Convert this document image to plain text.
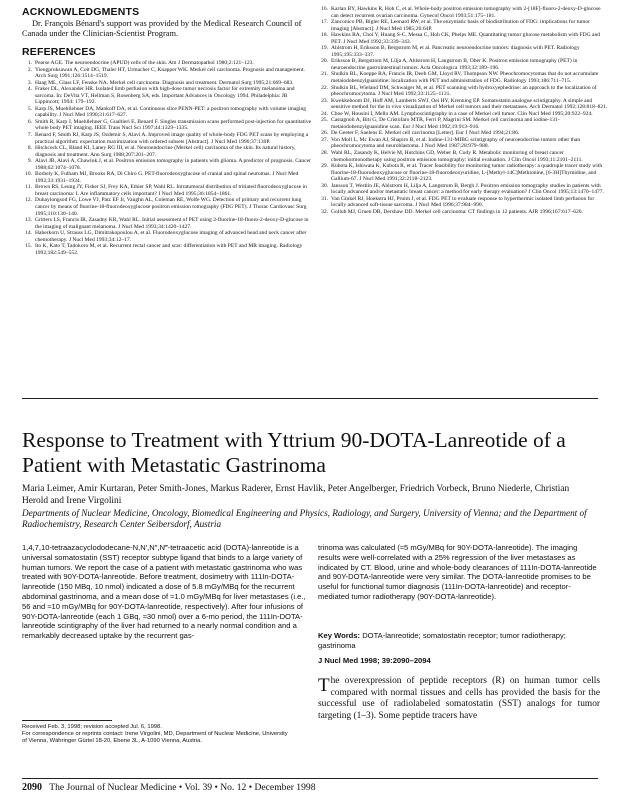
ACKNOWLEDGMENTS

Dr. François Bénard's support was provided by the Medical Research Council of Canada under the Clinician-Scientist Program.

REFERENCES
1. Pearse AGE. The neuroendocrine (APUD) cells of the skin. Am J Dermatopathol 1980;2:121–123.
2. Yiengpruksawan A, Coit DG, Thaler HT, Urmacher C, Knapper WK. Merkel cell carcinoma. Prognosis and management. Arch Surg 1991;126:1514–1519.
3. Haag ML, Glass LF, Fenske NA. Merkel cell carcinoma. Diagnosis and treatment. Dermatol Surg 1995;21:669–683.
4. Fraker DL, Alexander HR. Isolated limb perfusion with high-dose tumor necrosis factor for extremity melanoma and sarcoma. In: DeVita VT, Hellman S, Rosenberg SA, eds. Important Advances in Oncology 1994. Philadelphia: JB Lippincott; 1994: 179–192.
5. Karp JS, Muehllehner DA, Mankoff DA, et al. Continuous slice PENN-PET: a positron tomography with volume imaging capability. J Nucl Med 1990;31:617–627.
6. Smith R, Karp J, Muehllehner G, Gualtieri E, Benard F. Singles transmission scans performed post-injection for quantitative whole body PET imaging. IEEE Trans Nucl Sci 1997;44:1329–1335.
7. Benard F, Smith RJ, Karp JS, Ozdemir S, Alavi A. Improved image quality of whole-body FDG PET scans by employing a practical algorithm: expectation maximization with ordered subsets [Abstract]. J Nucl Med 1996;37:130P.
8. Hitchcock CL, Bland KI, Laney RG III, et al. Neuroendocrine (Merkel cell) carcinoma of the skin. Its natural history, diagnosis and treatment. Ann Surg 1988;207:201–207.
9. Alavi JB, Alavi A, Chawluk J, et al. Positron emission tomography in patients with glioma. A predictor of prognosis. Cancer 1988;62:1074–1078.
10. Borbely K, Fulham MJ, Brooks RA, Di Chiro G. PET-fluorodeoxyglucose of cranial and spinal neuromas. J Nucl Med 1992;33:1931–1934.
11. Brown RS, Leung JY, Fisher SJ, Frey KA, Ethier SP, Wahl RL. Intratumoral distribution of tritiated fluorodeoxyglucose in breast carcinoma: I. Are inflammatory cells important? J Nucl Med 1995;36:1854–1861.
12. Duhaylongsod FG, Lowe VJ, Patz EF Jr, Vaughn AL, Coleman RE, Wolfe WG. Detection of primary and recurrent lung cancer by means of fluorine-18-fluorodeoxyglucose positron emission tomography (FDG PET). J Thorac Cardiovasc Surg 1995;110:130–140.
13. Gritters LS, Francis IR, Zasadny KR, Wahl RL. Initial assessment of PET using 2-fluorine-18-fluoro-2-deoxy-D-glucose in the imaging of malignant melanoma. J Nucl Med 1993;34:1420–1427.
14. Haberkorn U, Strauss LG, Dimitrakopoulou A, et al. Fluorodeoxyglucose imaging of advanced head and neck cancer after chemotherapy. J Nucl Med 1993;34:12–17.
15. Ito K, Kato T, Tadokoro M, et al. Recurrent rectal cancer and scar: differentiation with PET and MR imaging. Radiology 1992;182:549–552.
16. Karlan BY, Hawkins R, Hoh C, et al. Whole-body positron emission tomography with 2-[18F]-fluoro-2-deoxy-D-glucose can detect recurrent ovarian carcinoma. Gynecol Oncol 1993;51:175–181.
17. Zanconico PB, Bigler RE, Leonard RW, et al. The enzymatic basis of biodistribution of FDG: implications for tumor imaging [Abstract]. J Nucl Med 1985;26:64P.
18. Hawkins RA, Choi Y, Huang S-C, Messa C, Hoh CK, Phelps ME. Quantitating tumor glucose metabolism with FDG and PET. J Nucl Med 1992;33:339–343.
19. Ahlstrom H, Eriksson B, Bergstrom M, et al. Pancreatic neuroendocrine tumors: diagnosis with PET. Radiology 1995;195:333–337.
20. Eriksson B, Bergstrom M, Lilja A, Ahlstrom H, Langstrom B, Ober K. Positron emission tomography (PET) in neuroendocrine gastrointestinal tumors. Acta Oncologica 1993;32:189–196.
21. Shulkin BL, Koeppe RA, Francis IR, Deeb GM, Lloyd RV, Thompson NW. Pheochromocytomas that do not accumulate metaiodobenzylguanidine: localization with PET and administration of FDG. Radiology 1993;186:711–715.
22. Shulkin BL, Wieland DM, Schwaiger M, et al. PET scanning with hydroxyephedrine: an approach to the localization of pheochromocytoma. J Nucl Med 1992;33:1125–1131.
23. Kwekkeboom DJ, Hoff AM, Lamberts SWJ, Oei HY, Krenning EP. Somatostatin analogue scintigraphy. A simple and sensitive method for the in vivo visualization of Merkel cell tumors and their metastases. Arch Dermatol 1992;128:818–821.
24. Choe W, Housini I, Mello AM. Lymphoscintigraphy in a case of Merkel cell tumor. Clin Nucl Med 1995;20:922–924.
25. Castagnoli A, Biti G, De Cristofaro MTR, Ferri P, Magrini SM. Merkel cell carcinoma and iodine-131-metaiodobenzylguanidine scan. Eur J Nucl Med 1992;19:913–916.
26. De Geeter F, Saelens E. Merkel cell carcinoma [Letter]. Eur J Nucl Med 1994;21:86.
27. Von Moll L, Mc Ewan AJ, Shapiro B, et al. Iodine-131-MIBG scintigraphy of neuroendocrine tumors other than pheochromocytoma and neuroblastoma. J Nucl Med 1987;28:979–988.
28. Wahl RL, Zasandy K, Helvie M, Hutchins GD, Weber B, Cody R. Metabolic monitoring of breast cancer chemohormonotherapy using positron emission tomography: initial evaluation. J Clin Oncol 1993;11:2101–2111.
29. Kubota K, Ishiwata K, Kubota R, et al. Tracer feasibility for monitoring tumor radiotherapy: a quadruple tracer study with fluorine-18-fluorodeoxyglucose or fluorine-18-fluorodeoxyuridine, L-[Methyl-14C]Methionine, [6-3H]Thymidine, and Gallium-67. J Nucl Med 1991;32:2118–2123.
30. Jansson T, Westlin JE, Ahlstrom H, Lilja A, Langstrom B, Bergh J. Positron emission tomography studies in patients with locally advanced and/or metastatic breast cancer: a method for early therapy evaluation? J Clin Oncol 1995;13:1470–1477.
31. Van Ginkel RJ, Hoekstra HJ, Pruim J, et al. FDG PET to evaluate response to hyperthermic isolated limb perfusion for locally advanced soft-tissue sarcoma. J Nucl Med 1996;37:984–990.
32. Gollub MJ, Gruen DR, Dershaw DD. Merkel cell carcinoma: CT findings in 12 patients. AJR 1996;167:617–620.
Response to Treatment with Yttrium 90-DOTA-Lanreotide of a Patient with Metastatic Gastrinoma

Maria Leimer, Amir Kurtaran, Peter Smith-Jones, Markus Raderer, Ernst Havlik, Peter Angelberger, Friedrich Vorbeck, Bruno Niederle, Christian Herold and Irene Virgolini

Departments of Nuclear Medicine, Oncology, Biomedical Engineering and Physics, Radiology, and Surgery, University of Vienna; and the Department of Radiochemistry, Research Center Seibersdorf, Austria

1,4,7,10-tetraazacyclododecane-N,N′,N″,N‴-tetraacetic acid (DOTA)-lanreotide is a universal somatostatin (SST) receptor subtype ligand that binds to a large variety of human tumors. We report the case of a patient with metastatic gastrinoma who was treated with 90Y-DOTA-lanreotide. Before treatment, dosimetry with 111In-DOTA-lanreotide (150 MBq, 10 nmol) indicated a dose of 5.8 mGy/MBq for the recurrent abdominal gastrinoma, and a mean dose of ≈1.0 mGy/MBq for liver metastases (i.e., 56 and ≈10 mGy/MBq for 90Y-DOTA-lanreotide, respectively). After four infusions of 90Y-DOTA-lanreotide (each 1 GBq, ≈30 nmol) over a 6-mo period, the 111In-DOTA-lanreotide scintigraphy of the liver had returned to a nearly normal condition and a remarkably decreased uptake by the recurrent gas-

trinoma was calculated (≈5 mGy/MBq for 90Y-DOTA-lanreotide). The imaging results were well-correlated with a 25% regression of the liver metastases as indicated by CT. Blood, urine and whole-body clearances of 111In-DOTA-lanreotide and 90Y-DOTA-lanreotide were very similar. The DOTA-lanreotide promises to be useful for functional tumor diagnosis (111In-DOTA-lanreotide) and receptor-mediated tumor radiotherapy (90Y-DOTA-lanreotide).

Key Words: DOTA-lanreotide; somatostatin receptor; tumor radiotherapy; gastrinoma

J Nucl Med 1998; 39:2090–2094

Received Feb. 3, 1998; revision accepted Jul. 6, 1998.
For correspondence or reprints contact: Irene Virgolini, MD, Department of Nuclear Medicine, University of Vienna, Währinger Gürtel 18-20, Ebene 3L, A-1090 Vienna, Austria.

The overexpression of peptide receptors (R) on human tumor cells compared with normal tissues and cells has provided the basis for the successful use of radiolabeled somatostatin (SST) analogs for tumor targeting (1–3). Some peptide tracers have

2090 The Journal of Nuclear Medicine • Vol. 39 • No. 12 • December 1998
